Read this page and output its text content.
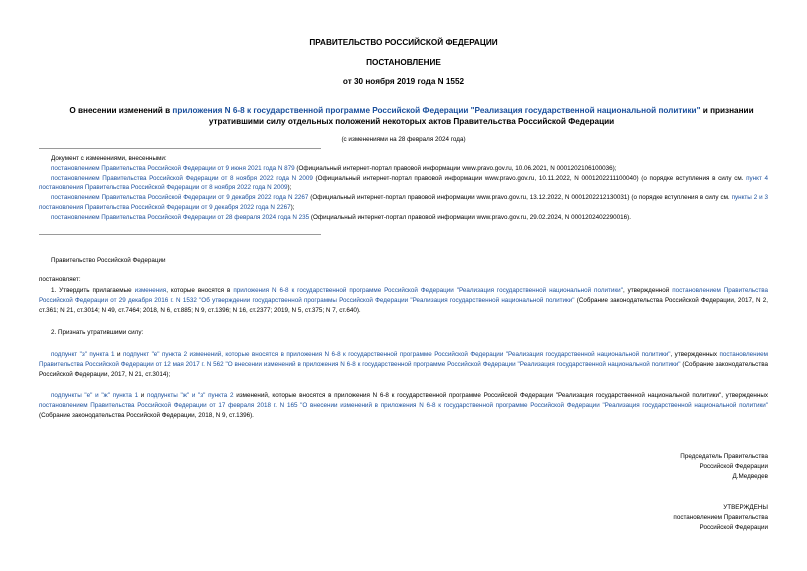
ПРАВИТЕЛЬСТВО РОССИЙСКОЙ ФЕДЕРАЦИИ
ПОСТАНОВЛЕНИЕ
от 30 ноября 2019 года N 1552
О внесении изменений в приложения N 6-8 к государственной программе Российской Федерации "Реализация государственной национальной политики" и признании утратившими силу отдельных положений некоторых актов Правительства Российской Федерации
(с изменениями на 28 февраля 2024 года)
Документ с изменениями, внесенными:
постановлением Правительства Российской Федерации от 9 июня 2021 года N 879 (Официальный интернет-портал правовой информации www.pravo.gov.ru, 10.06.2021, N 0001202106100036);
постановлением Правительства Российской Федерации от 8 ноября 2022 года N 2009 (Официальный интернет-портал правовой информации www.pravo.gov.ru, 10.11.2022, N 0001202211100040) (о порядке вступления в силу см. пункт 4 постановления Правительства Российской Федерации от 8 ноября 2022 года N 2009);
постановлением Правительства Российской Федерации от 9 декабря 2022 года N 2267 (Официальный интернет-портал правовой информации www.pravo.gov.ru, 13.12.2022, N 0001202212130031) (о порядке вступления в силу см. пункты 2 и 3 постановления Правительства Российской Федерации от 9 декабря 2022 года N 2267);
постановлением Правительства Российской Федерации от 28 февраля 2024 года N 235 (Официальный интернет-портал правовой информации www.pravo.gov.ru, 29.02.2024, N 0001202402290016).
Правительство Российской Федерации
постановляет:
1. Утвердить прилагаемые изменения, которые вносятся в приложения N 6-8 к государственной программе Российской Федерации "Реализация государственной национальной политики", утвержденной постановлением Правительства Российской Федерации от 29 декабря 2016 г. N 1532 "Об утверждении государственной программы Российской Федерации "Реализация государственной национальной политики" (Собрание законодательства Российской Федерации, 2017, N 2, ст.361; N 21, ст.3014; N 49, ст.7464; 2018, N 6, ст.885; N 9, ст.1396; N 16, ст.2377; 2019, N 5, ст.375; N 7, ст.640).
2. Признать утратившими силу:
подпункт "з" пункта 1 и подпункт "е" пункта 2 изменений, которые вносятся в приложения N 6-8 к государственной программе Российской Федерации "Реализация государственной национальной политики", утвержденных постановлением Правительства Российской Федерации от 12 мая 2017 г. N 562 "О внесении изменений в приложения N 6-8 к государственной программе Российской Федерации "Реализация государственной национальной политики" (Собрание законодательства Российской Федерации, 2017, N 21, ст.3014);
подпункты "е" и "ж" пункта 1 и подпункты "ж" и "з" пункта 2 изменений, которые вносятся в приложения N 6-8 к государственной программе Российской Федерации "Реализация государственной национальной политики", утвержденных постановлением Правительства Российской Федерации от 17 февраля 2018 г. N 165 "О внесении изменений в приложения N 6-8 к государственной программе Российской Федерации "Реализация государственной национальной политики" (Собрание законодательства Российской Федерации, 2018, N 9, ст.1396).
Председатель Правительства
Российской Федерации
Д.Медведев
УТВЕРЖДЕНЫ
постановлением Правительства
Российской Федерации
